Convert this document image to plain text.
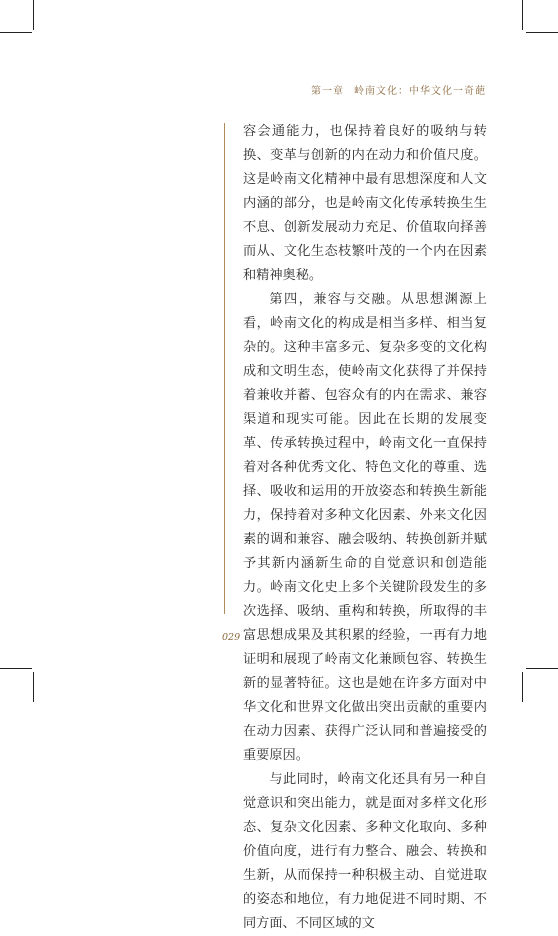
第一章 岭南文化：中华文化一奇葩

容会通能力，也保持着良好的吸纳与转换、变革与创新的内在动力和价值尺度。这是岭南文化精神中最有思想深度和人文内涵的部分，也是岭南文化传承转换生生不息、创新发展动力充足、价值取向择善而从、文化生态枝繁叶茂的一个内在因素和精神奥秘。

第四，兼容与交融。从思想渊源上看，岭南文化的构成是相当多样、相当复杂的。这种丰富多元、复杂多变的文化构成和文明生态，使岭南文化获得了并保持着兼收并蓄、包容众有的内在需求、兼容渠道和现实可能。因此在长期的发展变革、传承转换过程中，岭南文化一直保持着对各种优秀文化、特色文化的尊重、选择、吸收和运用的开放姿态和转换生新能力，保持着对多种文化因素、外来文化因素的调和兼容、融会吸纳、转换创新并赋予其新内涵新生命的自觉意识和创造能力。岭南文化史上多个关键阶段发生的多次选择、吸纳、重构和转换，所取得的丰富思想成果及其积累的经验，一再有力地证明和展现了岭南文化兼顾包容、转换生新的显著特征。这也是她在许多方面对中华文化和世界文化做出突出贡献的重要内在动力因素、获得广泛认同和普遍接受的重要原因。

与此同时，岭南文化还具有另一种自觉意识和突出能力，就是面对多样文化形态、复杂文化因素、多种文化取向、多种价值向度，进行有力整合、融会、转换和生新，从而保持一种积极主动、自觉进取的姿态和地位，有力地促进不同时期、不同方面、不同区域的文

029
